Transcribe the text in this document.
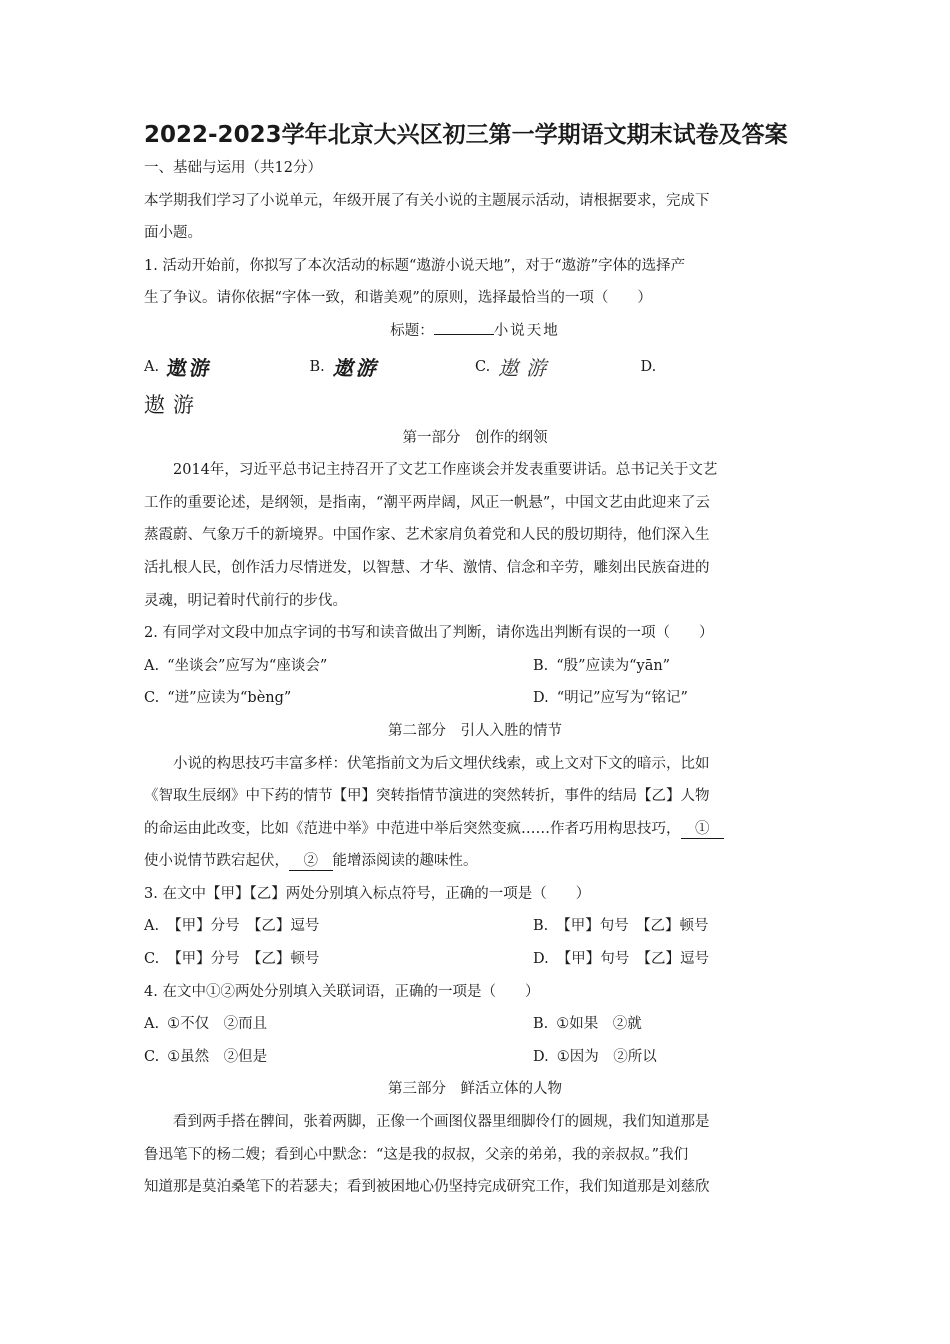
2022-2023学年北京大兴区初三第一学期语文期末试卷及答案

一、基础与运用（共12分）

本学期我们学习了小说单元，年级开展了有关小说的主题展示活动，请根据要求，完成下

面小题。

1. 活动开始前，你拟写了本次活动的标题“遨游小说天地”，对于“遨游”字体的选择产

生了争议。请你依据“字体一致，和谐美观”的原则，选择最恰当的一项（　　）

标题：	小说天地

A. 遨游	B. 遨游	C. 遨游	D.
遨游

第一部分　创作的纲领

2014年，习近平总书记主持召开了文艺工作座谈会并发表重要讲话。总书记关于文艺

工作的重要论述，是纲领，是指南，“潮平两岸阔，风正一帆悬”，中国文艺由此迎来了云

蒸霞蔚、气象万千的新境界。中国作家、艺术家肩负着党和人民的殷切期待，他们深入生

活扎根人民，创作活力尽情迸发，以智慧、才华、激情、信念和辛劳，雕刻出民族奋进的

灵魂，明记着时代前行的步伐。

2. 有同学对文段中加点字词的书写和读音做出了判断，请你选出判断有误的一项（　　）

A. “坐谈会”应写为“座谈会”	B. “殷”应读为“yān”
C. “迸”应读为“bèng”	D. “明记”应写为“铭记”

第二部分　引人入胜的情节

小说的构思技巧丰富多样：伏笔指前文为后文埋伏线索，或上文对下文的暗示，比如

《智取生辰纲》中下药的情节【甲】突转指情节演进的突然转折，事件的结局【乙】人物

的命运由此改变，比如《范进中举》中范进中举后突然变疯……作者巧用构思技巧，　①　

使小说情节跌宕起伏，　②　能增添阅读的趣味性。

3. 在文中【甲】【乙】两处分别填入标点符号，正确的一项是（　　）

A. 【甲】分号　【乙】逗号	B. 【甲】句号　【乙】顿号
C. 【甲】分号　【乙】顿号	D. 【甲】句号　【乙】逗号

4. 在文中①②两处分别填入关联词语，正确的一项是（　　）

A. ①不仅　②而且	B. ①如果　②就
C. ①虽然　②但是	D. ①因为　②所以

第三部分　鲜活立体的人物

看到两手搭在髀间，张着两脚，正像一个画图仪器里细脚伶仃的圆规，我们知道那是

鲁迅笔下的杨二嫂；看到心中默念：“这是我的叔叔，父亲的弟弟，我的亲叔叔。”我们

知道那是莫泊桑笔下的若瑟夫；看到被困地心仍坚持完成研究工作，我们知道那是刘慈欣
